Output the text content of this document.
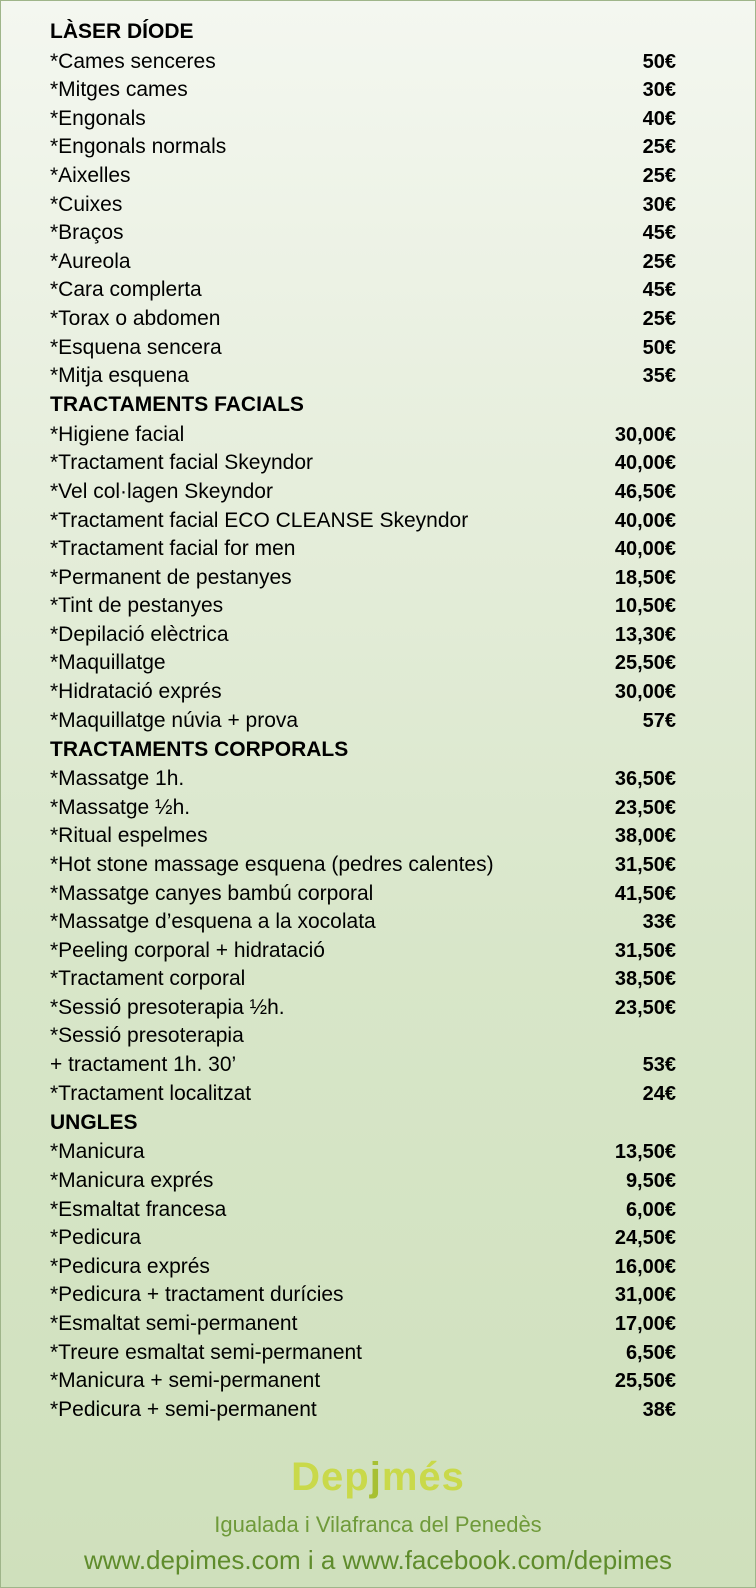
LÀSER DÍODE
*Cames senceres	50€
*Mitges cames	30€
*Engonals	40€
*Engonals normals	25€
*Aixelles	25€
*Cuixes	30€
*Braços	45€
*Aureola	25€
*Cara complerta	45€
*Torax o abdomen	25€
*Esquena sencera	50€
*Mitja esquena	35€
TRACTAMENTS FACIALS
*Higiene facial	30,00€
*Tractament facial Skeyndor	40,00€
*Vel col·lagen Skeyndor	46,50€
*Tractament facial ECO CLEANSE Skeyndor	40,00€
*Tractament facial for men	40,00€
*Permanent de pestanyes	18,50€
*Tint de pestanyes	10,50€
*Depilació elèctrica	13,30€
*Maquillatge	25,50€
*Hidratació exprés	30,00€
*Maquillatge núvia + prova	57€
TRACTAMENTS CORPORALS
*Massatge 1h.	36,50€
*Massatge ½h.	23,50€
*Ritual espelmes	38,00€
*Hot stone massage esquena (pedres calentes)	31,50€
*Massatge canyes bambú corporal	41,50€
*Massatge d’esquena a la xocolata	33€
*Peeling corporal + hidratació	31,50€
*Tractament corporal	38,50€
*Sessió presoterapia ½h.	23,50€
*Sessió presoterapia
+ tractament 1h. 30’	53€
*Tractament localitzat	24€
UNGLES
*Manicura	13,50€
*Manicura exprés	9,50€
*Esmaltat francesa	6,00€
*Pedicura	24,50€
*Pedicura exprés	16,00€
*Pedicura + tractament durícies	31,00€
*Esmaltat semi-permanent	17,00€
*Treure esmaltat semi-permanent	6,50€
*Manicura + semi-permanent	25,50€
*Pedicura + semi-permanent	38€
Depjmés
Igualada i Vilafranca del Penedès
www.depimes.com i a www.facebook.com/depimes
